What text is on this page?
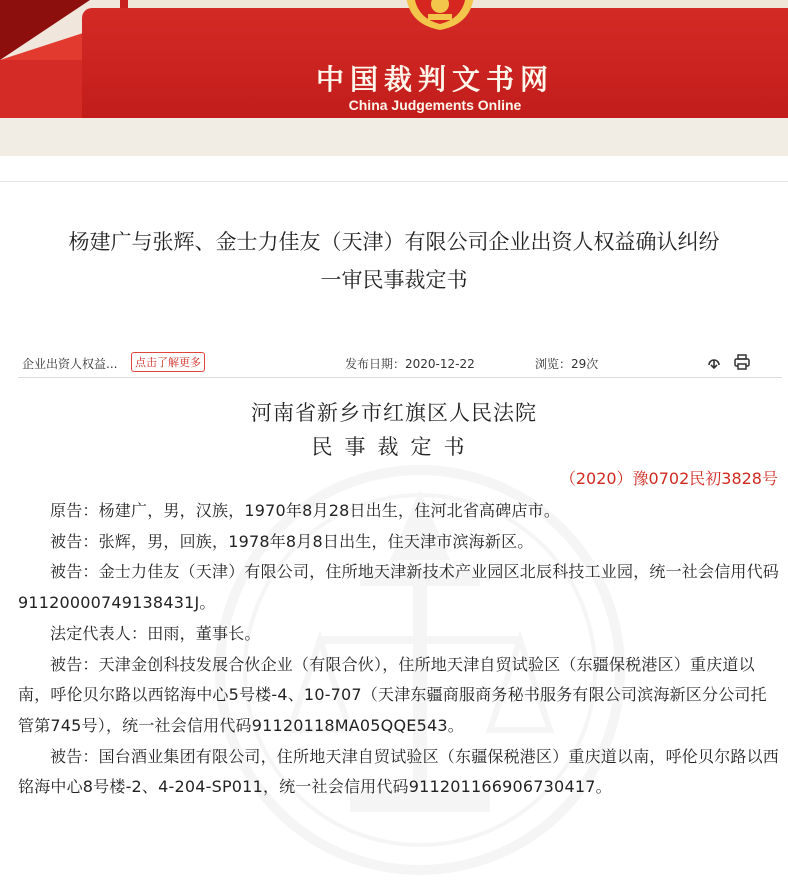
中国裁判文书网
China Judgements Online
杨建广与张辉、金士力佳友（天津）有限公司企业出资人权益确认纠纷
一审民事裁定书
企业出资人权益...	点击了解更多	发布日期：2020-12-22	浏览：29次
河南省新乡市红旗区人民法院
民事裁定书
（2020）豫0702民初3828号

原告：杨建广，男，汉族，1970年8月28日出生，住河北省高碑店市。

被告：张辉，男，回族，1978年8月8日出生，住天津市滨海新区。

被告：金士力佳友（天津）有限公司，住所地天津新技术产业园区北辰科技工业园，统一社会信用代码91120000749138431J。

法定代表人：田雨，董事长。

被告：天津金创科技发展合伙企业（有限合伙），住所地天津自贸试验区（东疆保税港区）重庆道以南，呼伦贝尔路以西铭海中心5号楼-4、10-707（天津东疆商服商务秘书服务有限公司滨海新区分公司托管第745号），统一社会信用代码91120118MA05QQE543。

被告：国台酒业集团有限公司，住所地天津自贸试验区（东疆保税港区）重庆道以南，呼伦贝尔路以西铭海中心8号楼-2、4-204-SP011，统一社会信用代码911201166906730417。
